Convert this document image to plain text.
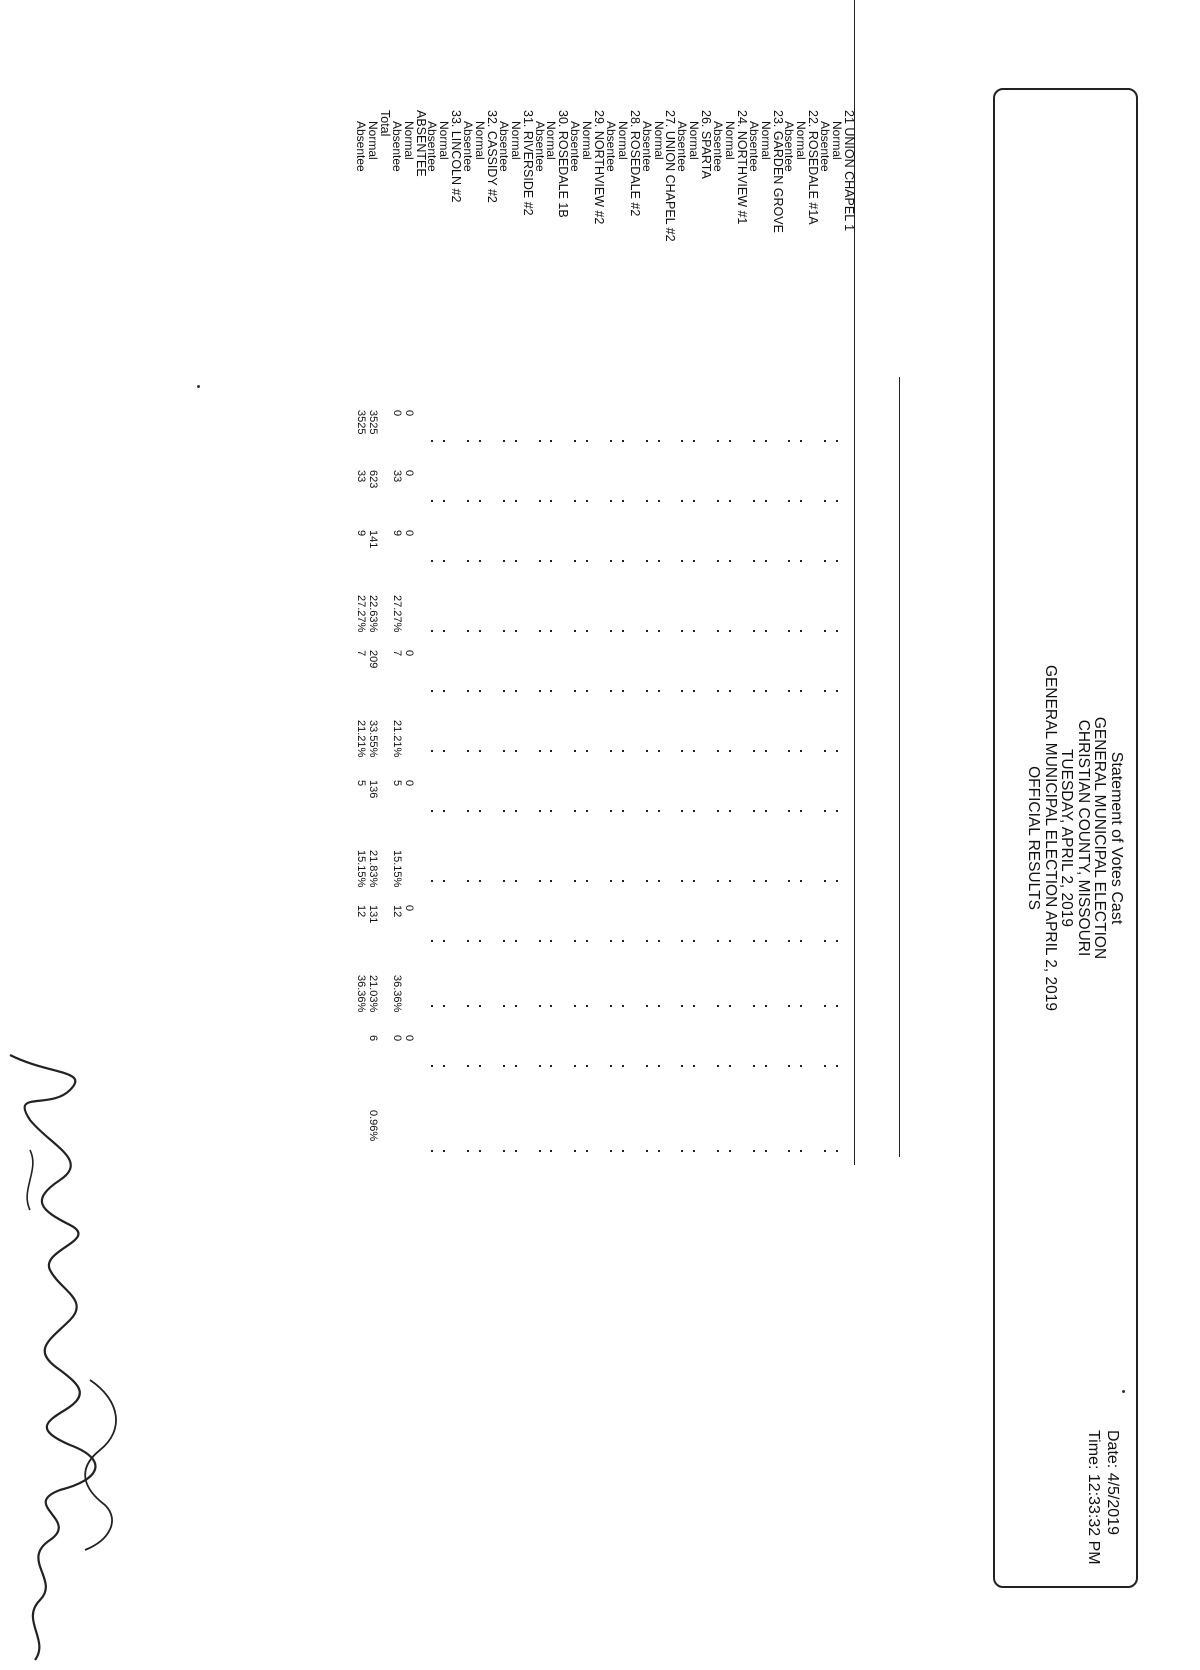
Statement of Votes Cast
GENERAL MUNICIPAL ELECTION
CHRISTIAN COUNTY, MISSOURI
TUESDAY, APRIL 2, 2019
GENERAL MUNICIPAL ELECTION APRIL 2, 2019
OFFICIAL RESULTS
Date: 4/5/2019
Time: 12:33:32 PM
21 UNION CHAPEL 1
Normal
Absentee
22. ROSEDALE #1A
Normal
Absentee
23. GARDEN GROVE
Normal
Absentee
24. NORTHVIEW #1
Normal
Absentee
26. SPARTA
Normal
Absentee
27. UNION CHAPEL #2
Normal
Absentee
28. ROSEDALE #2
Normal
Absentee
29. NORTHVIEW #2
Normal
Absentee
30. ROSEDALE 1B
Normal
Absentee
31. RIVERSIDE #2
Normal
Absentee
32. CASSIDY #2
Normal
Absentee
33. LINCOLN #2
Normal
Absentee
ABSENTEE
Normal
Absentee
Total
Normal
Absentee
0
0
0
0
0
0
0
0
33
9
27.27%
7
21.21%
5
15.15%
12
36.36%
0
3525
623
141
22.63%
209
33.55%
136
21.83%
131
21.03%
6
0.96%
3525
33
9
27.27%
7
21.21%
5
15.15%
12
36.36%
